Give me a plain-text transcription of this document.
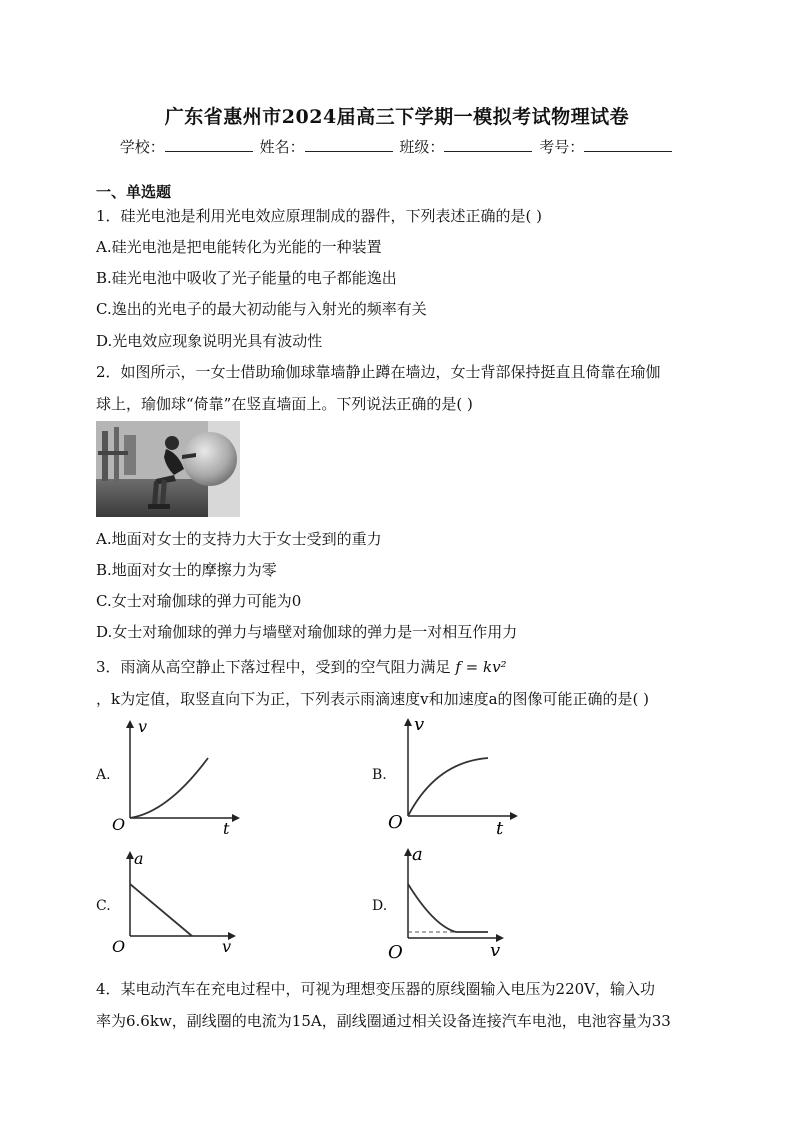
广东省惠州市2024届高三下学期一模拟考试物理试卷
学校：	姓名：	班级：	考号：
一、单选题
1．硅光电池是利用光电效应原理制成的器件，下列表述正确的是( )
A.硅光电池是把电能转化为光能的一种装置
B.硅光电池中吸收了光子能量的电子都能逸出
C.逸出的光电子的最大初动能与入射光的频率有关
D.光电效应现象说明光具有波动性
2．如图所示，一女士借助瑜伽球靠墙静止蹲在墙边，女士背部保持挺直且倚靠在瑜伽
球上，瑜伽球“倚靠”在竖直墙面上。下列说法正确的是( )
A.地面对女士的支持力大于女士受到的重力
B.地面对女士的摩擦力为零
C.女士对瑜伽球的弹力可能为0
D.女士对瑜伽球的弹力与墙壁对瑜伽球的弹力是一对相互作用力
3．雨滴从高空静止下落过程中，受到的空气阻力满足 f = kv²
，k为定值，取竖直向下为正，下列表示雨滴速度v和加速度a的图像可能正确的是( )
A.
v
t
O
B.
v
t
O
C.
a
v
O
D.
a
v
O
4．某电动汽车在充电过程中，可视为理想变压器的原线圈输入电压为220V，输入功
率为6.6kw，副线圈的电流为15A，副线圈通过相关设备连接汽车电池，电池容量为33
